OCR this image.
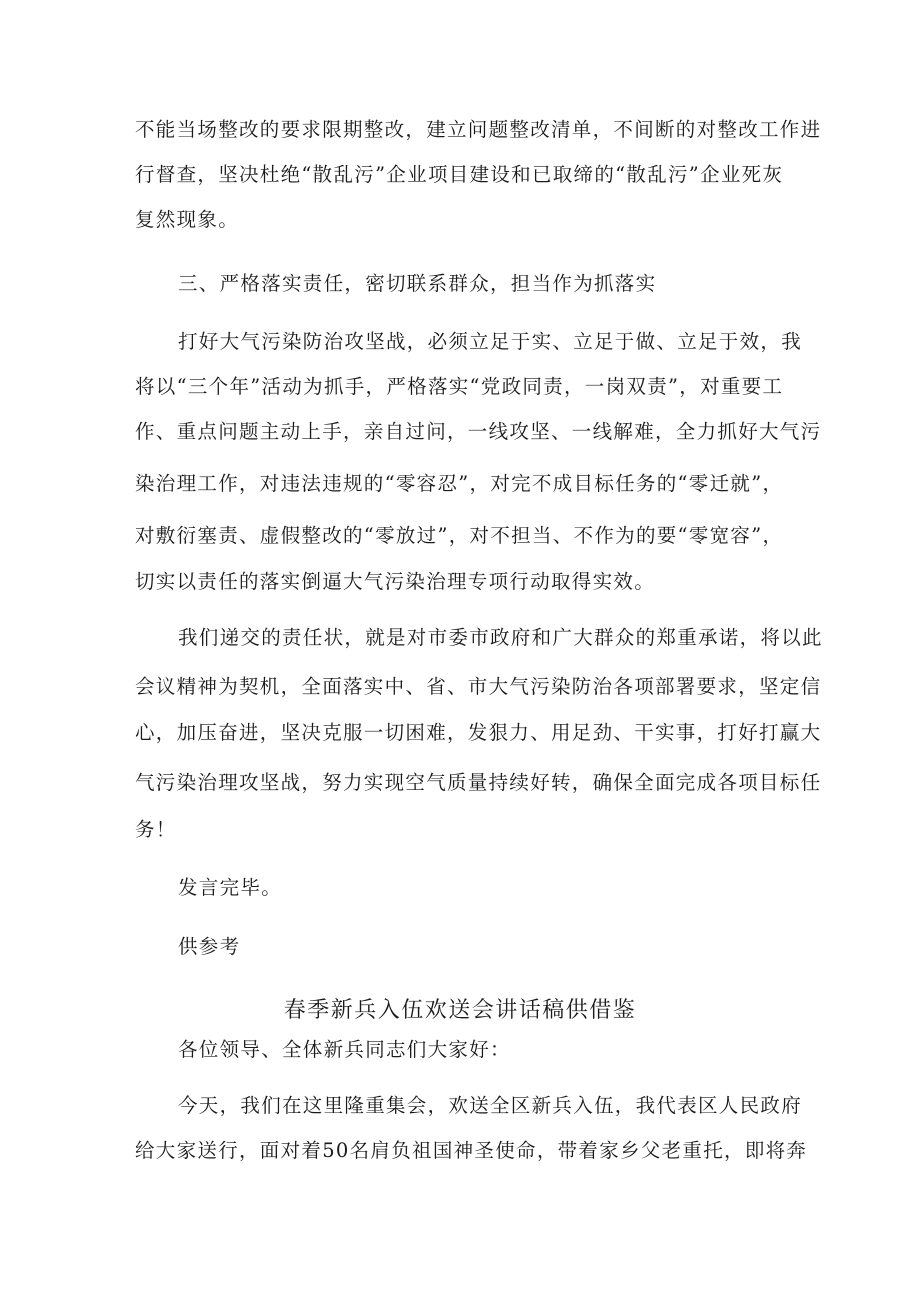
不能当场整改的要求限期整改，建立问题整改清单，不间断的对整改工作进
行督查，坚决杜绝“散乱污”企业项目建设和已取缔的“散乱污”企业死灰
复然现象。
三、严格落实责任，密切联系群众，担当作为抓落实
打好大气污染防治攻坚战，必须立足于实、立足于做、立足于效，我
将以“三个年”活动为抓手，严格落实“党政同责，一岗双责”，对重要工
作、重点问题主动上手，亲自过问，一线攻坚、一线解难，全力抓好大气污
染治理工作，对违法违规的“零容忍”，对完不成目标任务的“零迁就”，
对敷衍塞责、虚假整改的“零放过”，对不担当、不作为的要“零宽容”，
切实以责任的落实倒逼大气污染治理专项行动取得实效。
我们递交的责任状，就是对市委市政府和广大群众的郑重承诺，将以此
会议精神为契机，全面落实中、省、市大气污染防治各项部署要求，坚定信
心，加压奋进，坚决克服一切困难，发狠力、用足劲、干实事，打好打赢大
气污染治理攻坚战，努力实现空气质量持续好转，确保全面完成各项目标任
务！
发言完毕。
供参考
春季新兵入伍欢送会讲话稿供借鉴
各位领导、全体新兵同志们大家好：
今天，我们在这里隆重集会，欢送全区新兵入伍，我代表区人民政府
给大家送行，面对着50名肩负祖国神圣使命，带着家乡父老重托，即将奔
